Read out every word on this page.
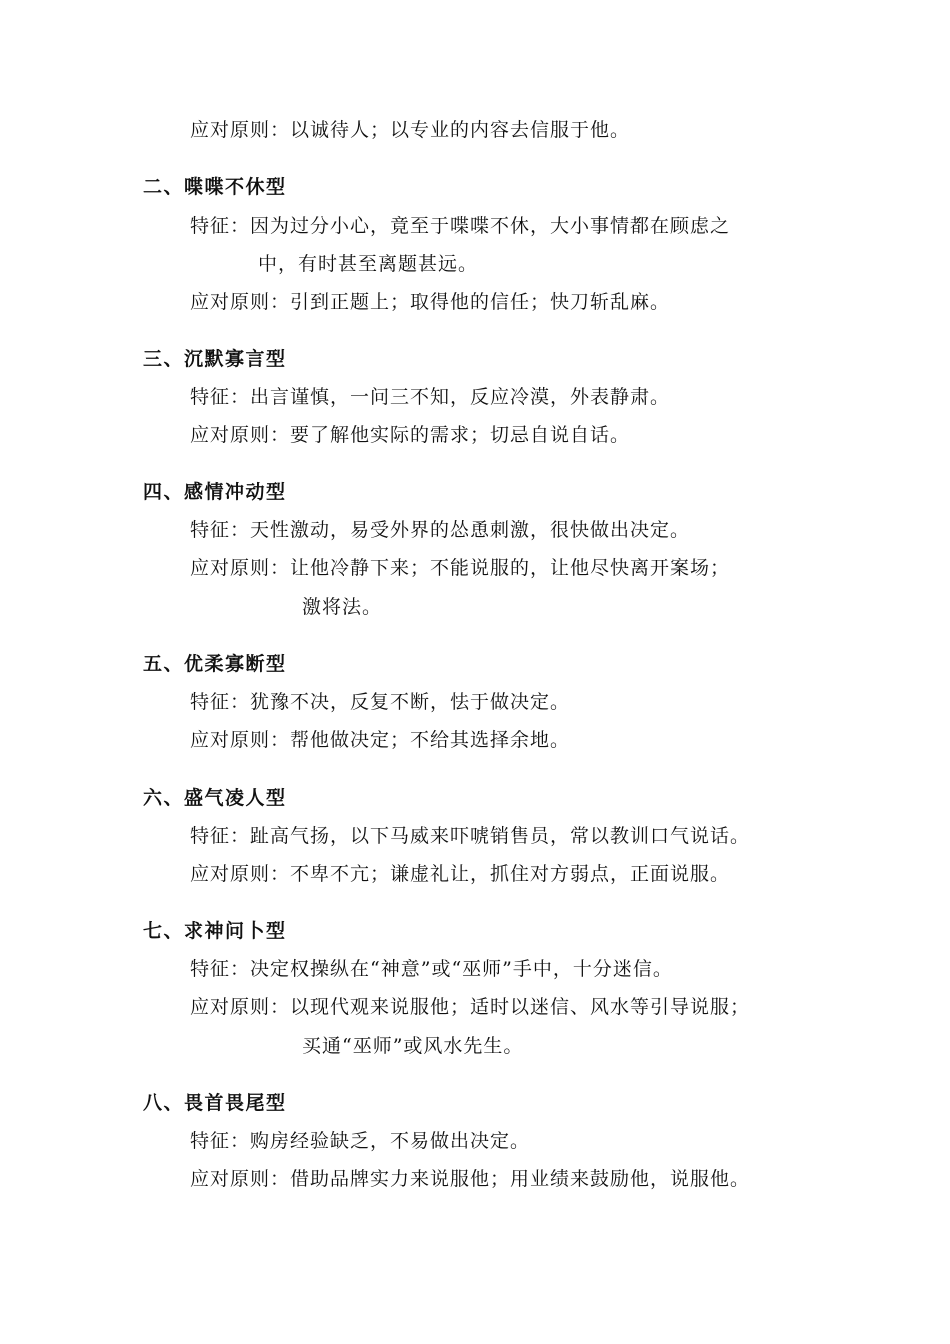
应对原则：以诚待人；以专业的内容去信服于他。
二、喋喋不休型
特征：因为过分小心，竟至于喋喋不休，大小事情都在顾虑之
中，有时甚至离题甚远。
应对原则：引到正题上；取得他的信任；快刀斩乱麻。
三、沉默寡言型
特征：出言谨慎，一问三不知，反应冷漠，外表静肃。
应对原则：要了解他实际的需求；切忌自说自话。
四、感情冲动型
特征：天性激动，易受外界的怂恿刺激，很快做出决定。
应对原则：让他冷静下来；不能说服的，让他尽快离开案场；
激将法。
五、优柔寡断型
特征：犹豫不决，反复不断，怯于做决定。
应对原则：帮他做决定；不给其选择余地。
六、盛气凌人型
特征：趾高气扬，以下马威来吓唬销售员，常以教训口气说话。
应对原则：不卑不亢；谦虚礼让，抓住对方弱点，正面说服。
七、求神问卜型
特征：决定权操纵在“神意”或“巫师”手中，十分迷信。
应对原则：以现代观来说服他；适时以迷信、风水等引导说服；
买通“巫师”或风水先生。
八、畏首畏尾型
特征：购房经验缺乏，不易做出决定。
应对原则：借助品牌实力来说服他；用业绩来鼓励他，说服他。
